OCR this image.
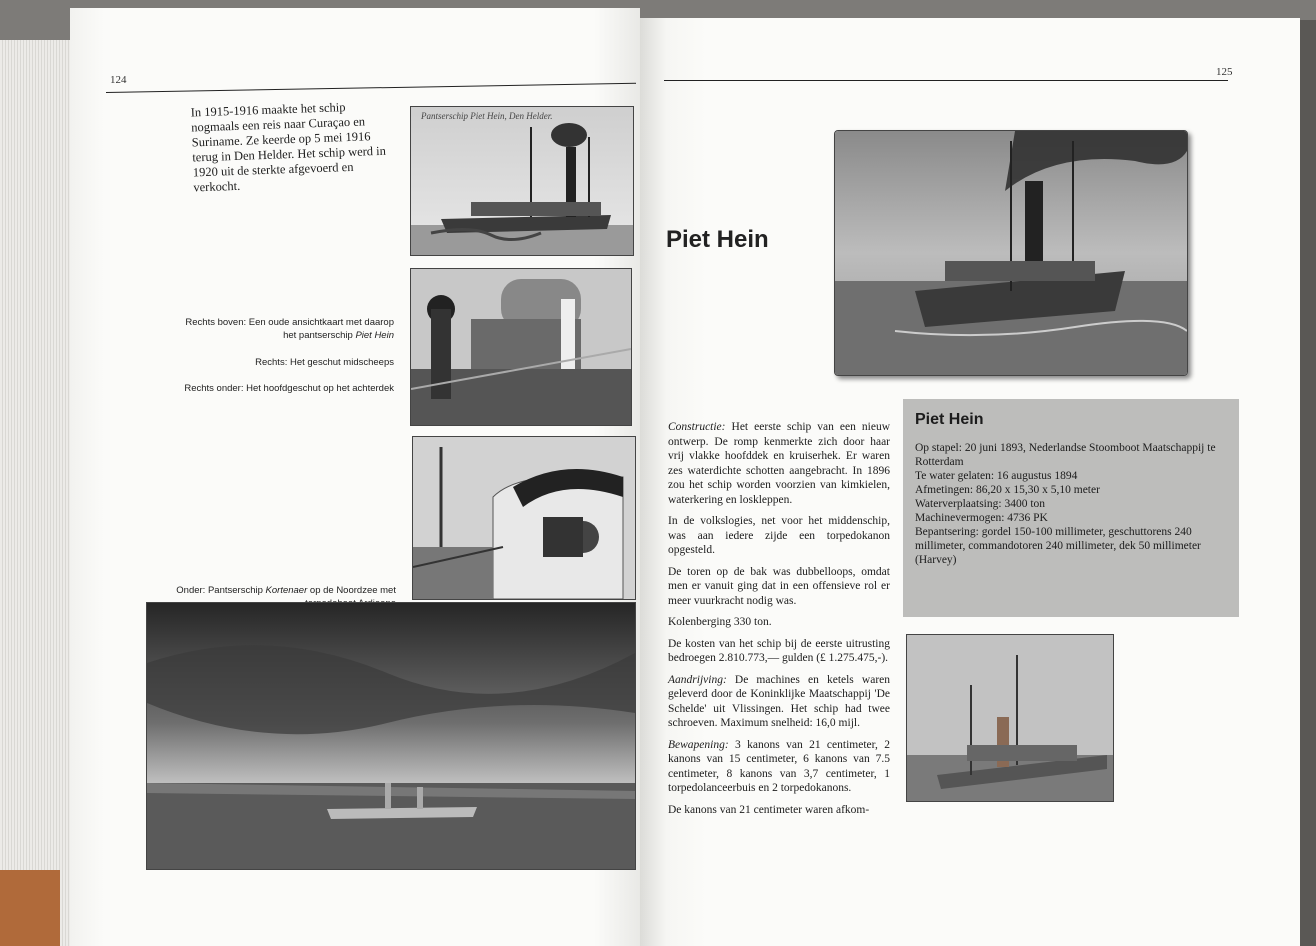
124

In 1915-1916 maakte het schip nogmaals een reis naar Curaçao en Suriname. Ze keerde op 5 mei 1916 terug in Den Helder. Het schip werd in 1920 uit de sterkte afgevoerd en verkocht.

Pantserschip Piet Hein, Den Helder.
Rechts boven: Een oude ansichtkaart met daarop het pantserschip Piet Hein
Rechts: Het geschut midscheeps
Rechts onder: Het hoofdgeschut op het achterdek
Onder: Pantserschip Kortenaer op de Noordzee met
125
Piet Hein
Piet Hein

Op stapel: 20 juni 1893, Nederlandse Stoomboot Maatschappij te Rotterdam

Te water gelaten: 16 augustus 1894

Afmetingen: 86,20 x 15,30 x 5,10 meter

Waterverplaatsing: 3400 ton

Machinevermogen: 4736 PK

Bepantsering: gordel 150-100 millimeter, geschuttorens 240 millimeter, commandotoren 240 millimeter, dek 50 millimeter (Harvey)

Constructie: Het eerste schip van een nieuw ontwerp. De romp kenmerkte zich door haar vrij vlakke hoofddek en kruiserhek. Er waren zes waterdichte schotten aangebracht. In 1896 zou het schip worden voorzien van kimkielen, waterkering en loskleppen.

In de volkslogies, net voor het middenschip, was aan iedere zijde een torpedokanon opgesteld.

De toren op de bak was dubbelloops, omdat men er vanuit ging dat in een offensieve rol er meer vuurkracht nodig was.

Kolenberging 330 ton.

De kosten van het schip bij de eerste uitrusting bedroegen 2.810.773,— gulden (£ 1.275.475,-).

Aandrijving: De machines en ketels waren geleverd door de Koninklijke Maatschappij 'De Schelde' uit Vlissingen. Het schip had twee schroeven. Maximum snelheid: 16,0 mijl.

Bewapening: 3 kanons van 21 centimeter, 2 kanons van 15 centimeter, 6 kanons van 7.5 centimeter, 8 kanons van 3,7 centimeter, 1 torpedolanceerbuis en 2 torpedokanons.

De kanons van 21 centimeter waren afkom-
